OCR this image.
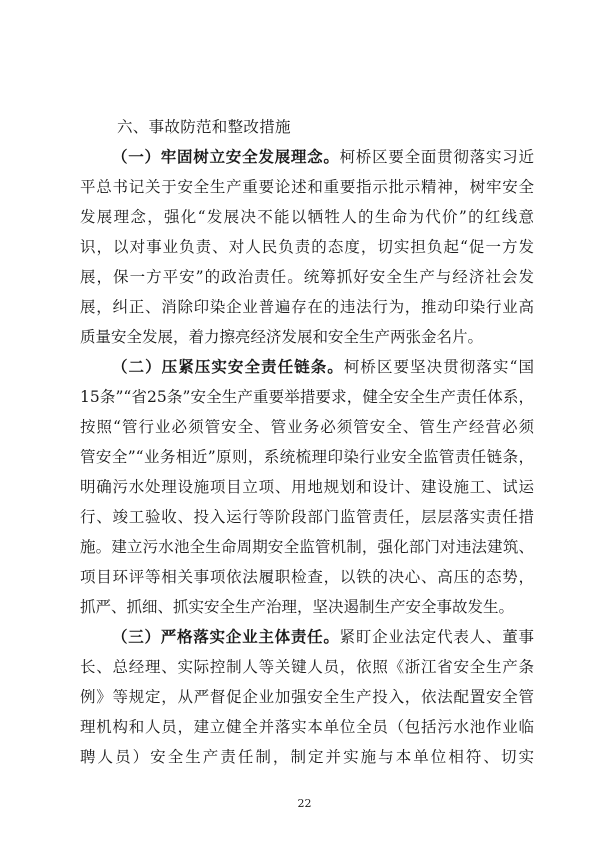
六、事故防范和整改措施
（一）牢固树立安全发展理念。柯桥区要全面贯彻落实习近
平总书记关于安全生产重要论述和重要指示批示精神，树牢安全
发展理念，强化“发展决不能以牺牲人的生命为代价”的红线意
识，以对事业负责、对人民负责的态度，切实担负起“促一方发
展，保一方平安”的政治责任。统筹抓好安全生产与经济社会发
展，纠正、消除印染企业普遍存在的违法行为，推动印染行业高
质量安全发展，着力擦亮经济发展和安全生产两张金名片。
（二）压紧压实安全责任链条。柯桥区要坚决贯彻落实“国
15条”“省25条”安全生产重要举措要求，健全安全生产责任体系，
按照“管行业必须管安全、管业务必须管安全、管生产经营必须
管安全”“业务相近”原则，系统梳理印染行业安全监管责任链条，
明确污水处理设施项目立项、用地规划和设计、建设施工、试运
行、竣工验收、投入运行等阶段部门监管责任，层层落实责任措
施。建立污水池全生命周期安全监管机制，强化部门对违法建筑、
项目环评等相关事项依法履职检查，以铁的决心、高压的态势，
抓严、抓细、抓实安全生产治理，坚决遏制生产安全事故发生。
（三）严格落实企业主体责任。紧盯企业法定代表人、董事
长、总经理、实际控制人等关键人员，依照《浙江省安全生产条
例》等规定，从严督促企业加强安全生产投入，依法配置安全管
理机构和人员，建立健全并落实本单位全员（包括污水池作业临
聘人员）安全生产责任制，制定并实施与本单位相符、切实
22
